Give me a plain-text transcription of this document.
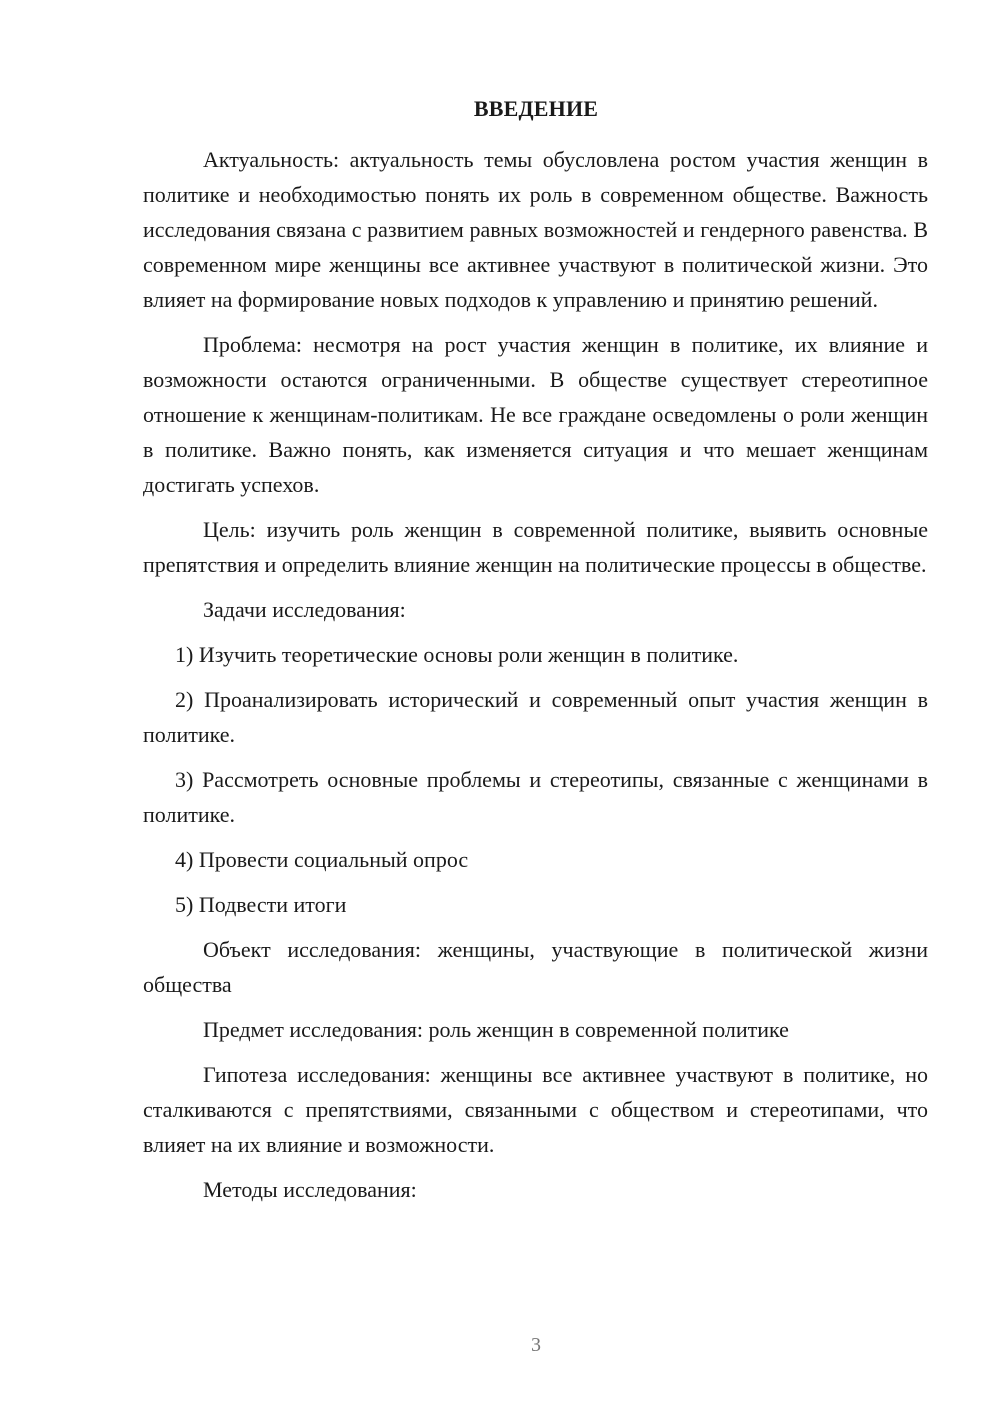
ВВЕДЕНИЕ

Актуальность: актуальность темы обусловлена ростом участия женщин в политике и необходимостью понять их роль в современном обществе. Важность исследования связана с развитием равных возможностей и гендерного равенства. В современном мире женщины все активнее участвуют в политической жизни. Это влияет на формирование новых подходов к управлению и принятию решений.

Проблема: несмотря на рост участия женщин в политике, их влияние и возможности остаются ограниченными. В обществе существует стереотипное отношение к женщинам-политикам. Не все граждане осведомлены о роли женщин в политике. Важно понять, как изменяется ситуация и что мешает женщинам достигать успехов.

Цель: изучить роль женщин в современной политике, выявить основные препятствия и определить влияние женщин на политические процессы в обществе.

Задачи исследования:

1) Изучить теоретические основы роли женщин в политике.

2) Проанализировать исторический и современный опыт участия женщин в политике.

3) Рассмотреть основные проблемы и стереотипы, связанные с женщинами в политике.

4) Провести социальный опрос

5) Подвести итоги

Объект исследования: женщины, участвующие в политической жизни общества

Предмет исследования: роль женщин в современной политике

Гипотеза исследования: женщины все активнее участвуют в политике, но сталкиваются с препятствиями, связанными с обществом и стереотипами, что влияет на их влияние и возможности.

Методы исследования:

3
